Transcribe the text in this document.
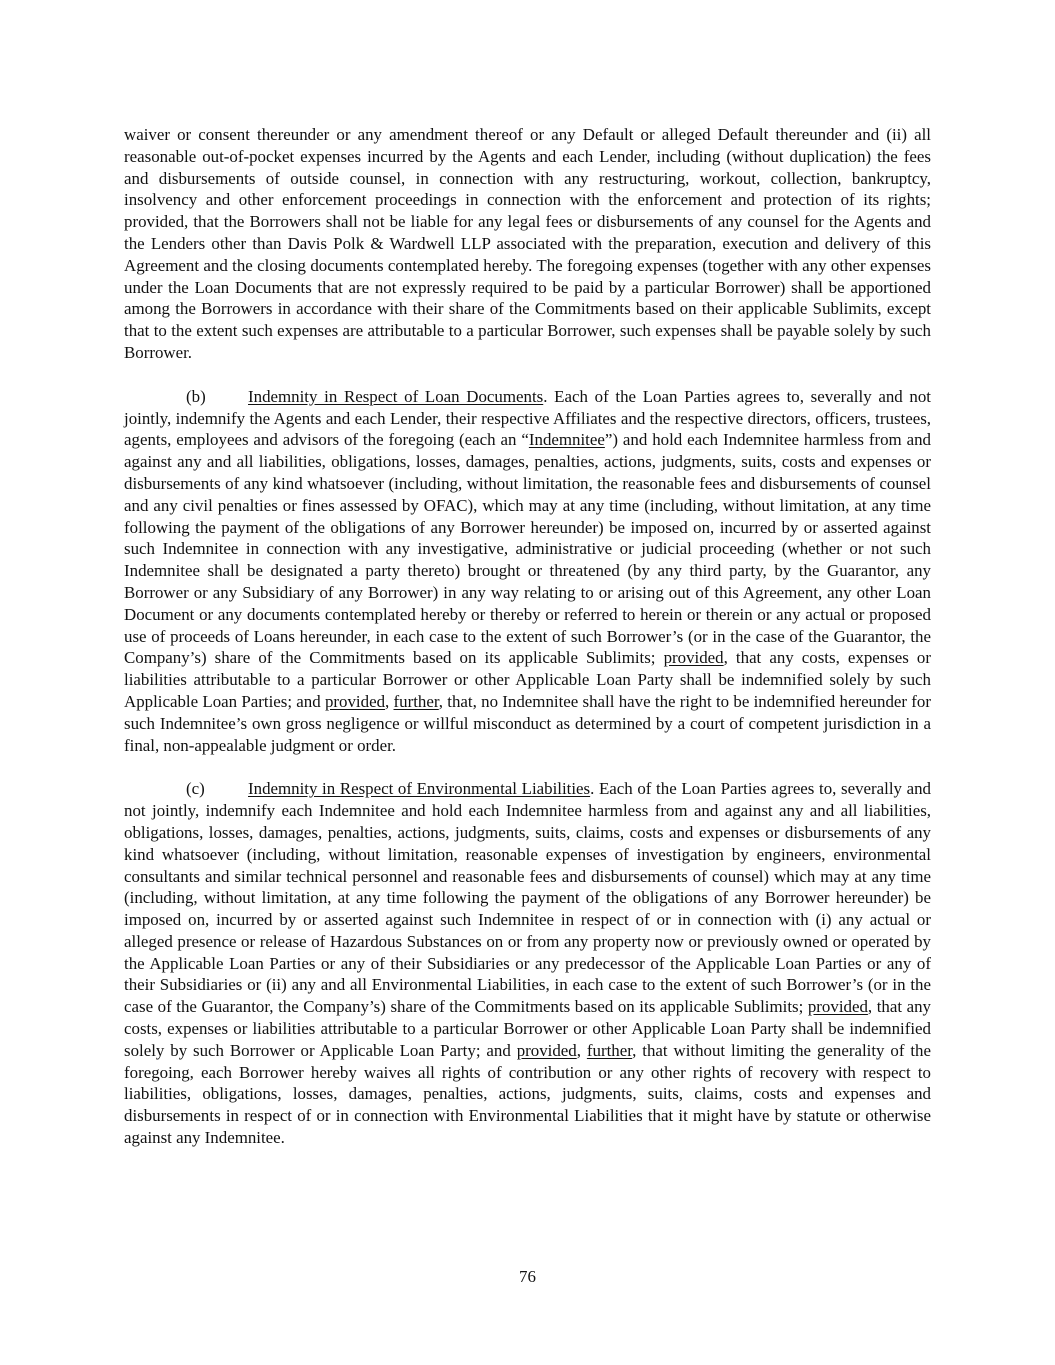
waiver or consent thereunder or any amendment thereof or any Default or alleged Default thereunder and (ii) all reasonable out-of-pocket expenses incurred by the Agents and each Lender, including (without duplication) the fees and disbursements of outside counsel, in connection with any restructuring, workout, collection, bankruptcy, insolvency and other enforcement proceedings in connection with the enforcement and protection of its rights; provided, that the Borrowers shall not be liable for any legal fees or disbursements of any counsel for the Agents and the Lenders other than Davis Polk & Wardwell LLP associated with the preparation, execution and delivery of this Agreement and the closing documents contemplated hereby. The foregoing expenses (together with any other expenses under the Loan Documents that are not expressly required to be paid by a particular Borrower) shall be apportioned among the Borrowers in accordance with their share of the Commitments based on their applicable Sublimits, except that to the extent such expenses are attributable to a particular Borrower, such expenses shall be payable solely by such Borrower.

(b)	Indemnity in Respect of Loan Documents. Each of the Loan Parties agrees to, severally and not jointly, indemnify the Agents and each Lender, their respective Affiliates and the respective directors, officers, trustees, agents, employees and advisors of the foregoing (each an “Indemnitee”) and hold each Indemnitee harmless from and against any and all liabilities, obligations, losses, damages, penalties, actions, judgments, suits, costs and expenses or disbursements of any kind whatsoever (including, without limitation, the reasonable fees and disbursements of counsel and any civil penalties or fines assessed by OFAC), which may at any time (including, without limitation, at any time following the payment of the obligations of any Borrower hereunder) be imposed on, incurred by or asserted against such Indemnitee in connection with any investigative, administrative or judicial proceeding (whether or not such Indemnitee shall be designated a party thereto) brought or threatened (by any third party, by the Guarantor, any Borrower or any Subsidiary of any Borrower) in any way relating to or arising out of this Agreement, any other Loan Document or any documents contemplated hereby or thereby or referred to herein or therein or any actual or proposed use of proceeds of Loans hereunder, in each case to the extent of such Borrower’s (or in the case of the Guarantor, the Company’s) share of the Commitments based on its applicable Sublimits; provided, that any costs, expenses or liabilities attributable to a particular Borrower or other Applicable Loan Party shall be indemnified solely by such Applicable Loan Parties; and provided, further, that, no Indemnitee shall have the right to be indemnified hereunder for such Indemnitee’s own gross negligence or willful misconduct as determined by a court of competent jurisdiction in a final, non-appealable judgment or order.

(c)	Indemnity in Respect of Environmental Liabilities. Each of the Loan Parties agrees to, severally and not jointly, indemnify each Indemnitee and hold each Indemnitee harmless from and against any and all liabilities, obligations, losses, damages, penalties, actions, judgments, suits, claims, costs and expenses or disbursements of any kind whatsoever (including, without limitation, reasonable expenses of investigation by engineers, environmental consultants and similar technical personnel and reasonable fees and disbursements of counsel) which may at any time (including, without limitation, at any time following the payment of the obligations of any Borrower hereunder) be imposed on, incurred by or asserted against such Indemnitee in respect of or in connection with (i) any actual or alleged presence or release of Hazardous Substances on or from any property now or previously owned or operated by the Applicable Loan Parties or any of their Subsidiaries or any predecessor of the Applicable Loan Parties or any of their Subsidiaries or (ii) any and all Environmental Liabilities, in each case to the extent of such Borrower’s (or in the case of the Guarantor, the Company’s) share of the Commitments based on its applicable Sublimits; provided, that any costs, expenses or liabilities attributable to a particular Borrower or other Applicable Loan Party shall be indemnified solely by such Borrower or Applicable Loan Party; and provided, further, that without limiting the generality of the foregoing, each Borrower hereby waives all rights of contribution or any other rights of recovery with respect to liabilities, obligations, losses, damages, penalties, actions, judgments, suits, claims, costs and expenses and disbursements in respect of or in connection with Environmental Liabilities that it might have by statute or otherwise against any Indemnitee.

76
